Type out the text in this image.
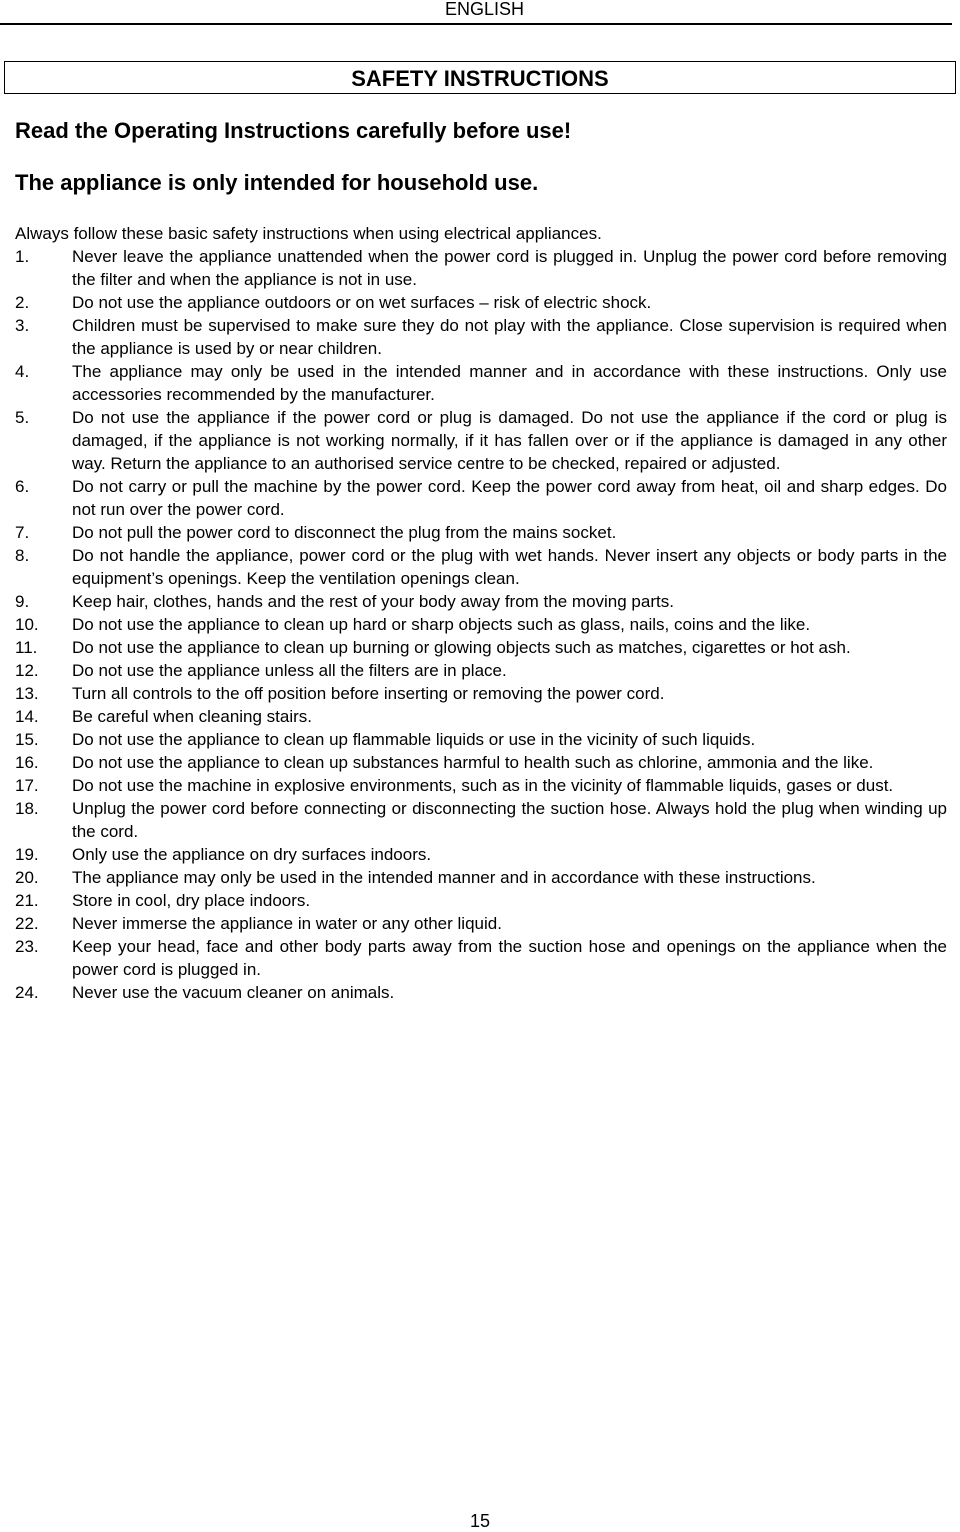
ENGLISH
SAFETY INSTRUCTIONS
Read the Operating Instructions carefully before use!
The appliance is only intended for household use.
Always follow these basic safety instructions when using electrical appliances.
1.	Never leave the appliance unattended when the power cord is plugged in. Unplug the power cord before removing the filter and when the appliance is not in use.
2.	Do not use the appliance outdoors or on wet surfaces – risk of electric shock.
3.	Children must be supervised to make sure they do not play with the appliance. Close supervision is required when the appliance is used by or near children.
4.	The appliance may only be used in the intended manner and in accordance with these instructions. Only use accessories recommended by the manufacturer.
5.	Do not use the appliance if the power cord or plug is damaged. Do not use the appliance if the cord or plug is damaged, if the appliance is not working normally, if it has fallen over or if the appliance is damaged in any other way. Return the appliance to an authorised service centre to be checked, repaired or adjusted.
6.	Do not carry or pull the machine by the power cord. Keep the power cord away from heat, oil and sharp edges. Do not run over the power cord.
7.	Do not pull the power cord to disconnect the plug from the mains socket.
8.	Do not handle the appliance, power cord or the plug with wet hands. Never insert any objects or body parts in the equipment’s openings. Keep the ventilation openings clean.
9.	Keep hair, clothes, hands and the rest of your body away from the moving parts.
10.	Do not use the appliance to clean up hard or sharp objects such as glass, nails, coins and the like.
11.	Do not use the appliance to clean up burning or glowing objects such as matches, cigarettes or hot ash.
12.	Do not use the appliance unless all the filters are in place.
13.	Turn all controls to the off position before inserting or removing the power cord.
14.	Be careful when cleaning stairs.
15.	Do not use the appliance to clean up flammable liquids or use in the vicinity of such liquids.
16.	Do not use the appliance to clean up substances harmful to health such as chlorine, ammonia and the like.
17.	Do not use the machine in explosive environments, such as in the vicinity of flammable liquids, gases or dust.
18.	Unplug the power cord before connecting or disconnecting the suction hose. Always hold the plug when winding up the cord.
19.	Only use the appliance on dry surfaces indoors.
20.	The appliance may only be used in the intended manner and in accordance with these instructions.
21.	Store in cool, dry place indoors.
22.	Never immerse the appliance in water or any other liquid.
23.	Keep your head, face and other body parts away from the suction hose and openings on the appliance when the power cord is plugged in.
24.	Never use the vacuum cleaner on animals.
15
